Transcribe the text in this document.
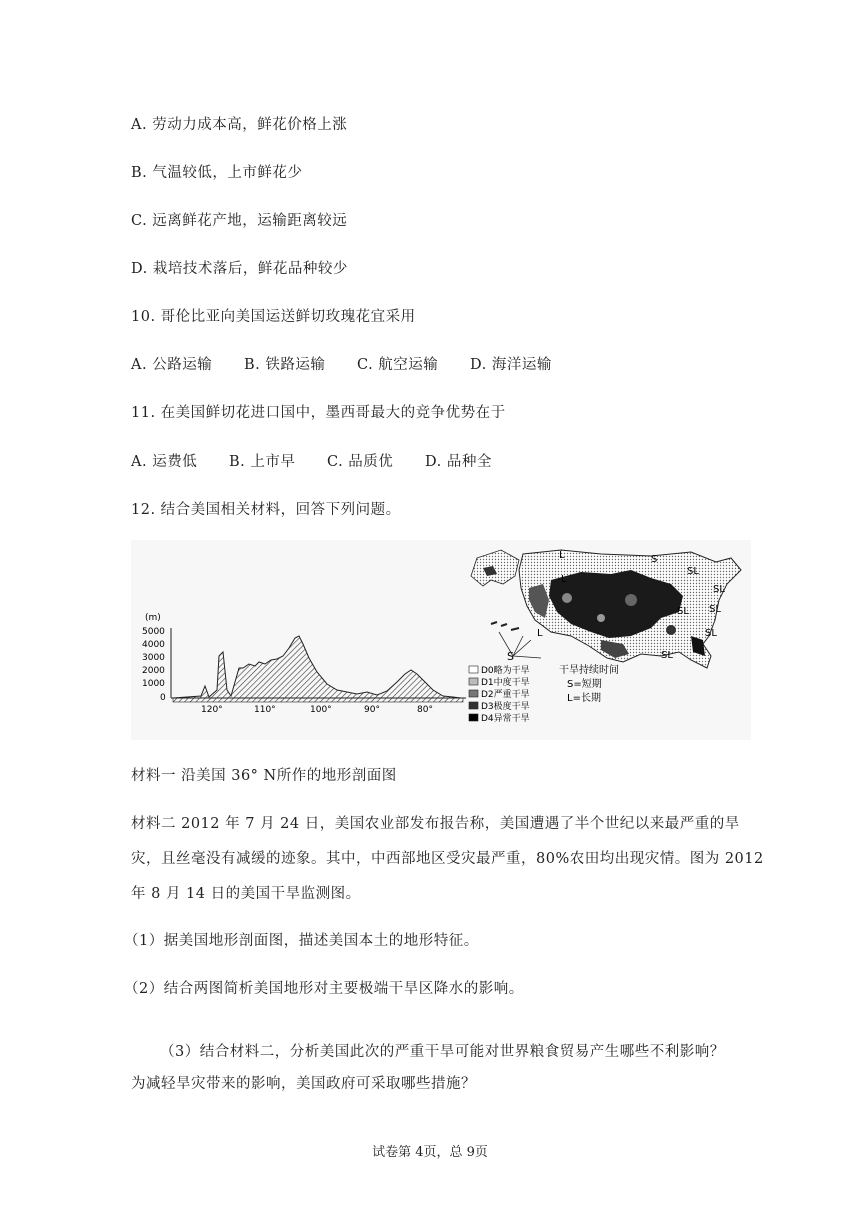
A. 劳动力成本高，鲜花价格上涨
B. 气温较低，上市鲜花少
C. 远离鲜花产地，运输距离较远
D. 栽培技术落后，鲜花品种较少
10. 哥伦比亚向美国运送鲜切玫瑰花宜采用
A. 公路运输 B. 铁路运输 C. 航空运输 D. 海洋运输
11. 在美国鲜切花进口国中，墨西哥最大的竞争优势在于
A. 运费低 B. 上市早 C. 品质优 D. 品种全
12. 结合美国相关材料，回答下列问题。
(m)
5000
4000
3000
2000
1000
0
120°	110°	100°	90°	80°
L
L
S
SL
SL
SL
SL
SL
S
L
SL
D0略为干旱
D1中度干旱
D2严重干旱
D3极度干旱
D4异常干旱
干旱持续时间
S=短期
L=长期
材料一 沿美国 36° N所作的地形剖面图
材料二 2012 年 7 月 24 日，美国农业部发布报告称，美国遭遇了半个世纪以来最严重的旱
灾，且丝毫没有减缓的迹象。其中，中西部地区受灾最严重，80%农田均出现灾情。图为 2012
年 8 月 14 日的美国干旱监测图。
（1）据美国地形剖面图，描述美国本土的地形特征。
（2）结合两图简析美国地形对主要极端干旱区降水的影响。
（3）结合材料二，分析美国此次的严重干旱可能对世界粮食贸易产生哪些不利影响？
为减轻旱灾带来的影响，美国政府可采取哪些措施？
试卷第 4页，总 9页
